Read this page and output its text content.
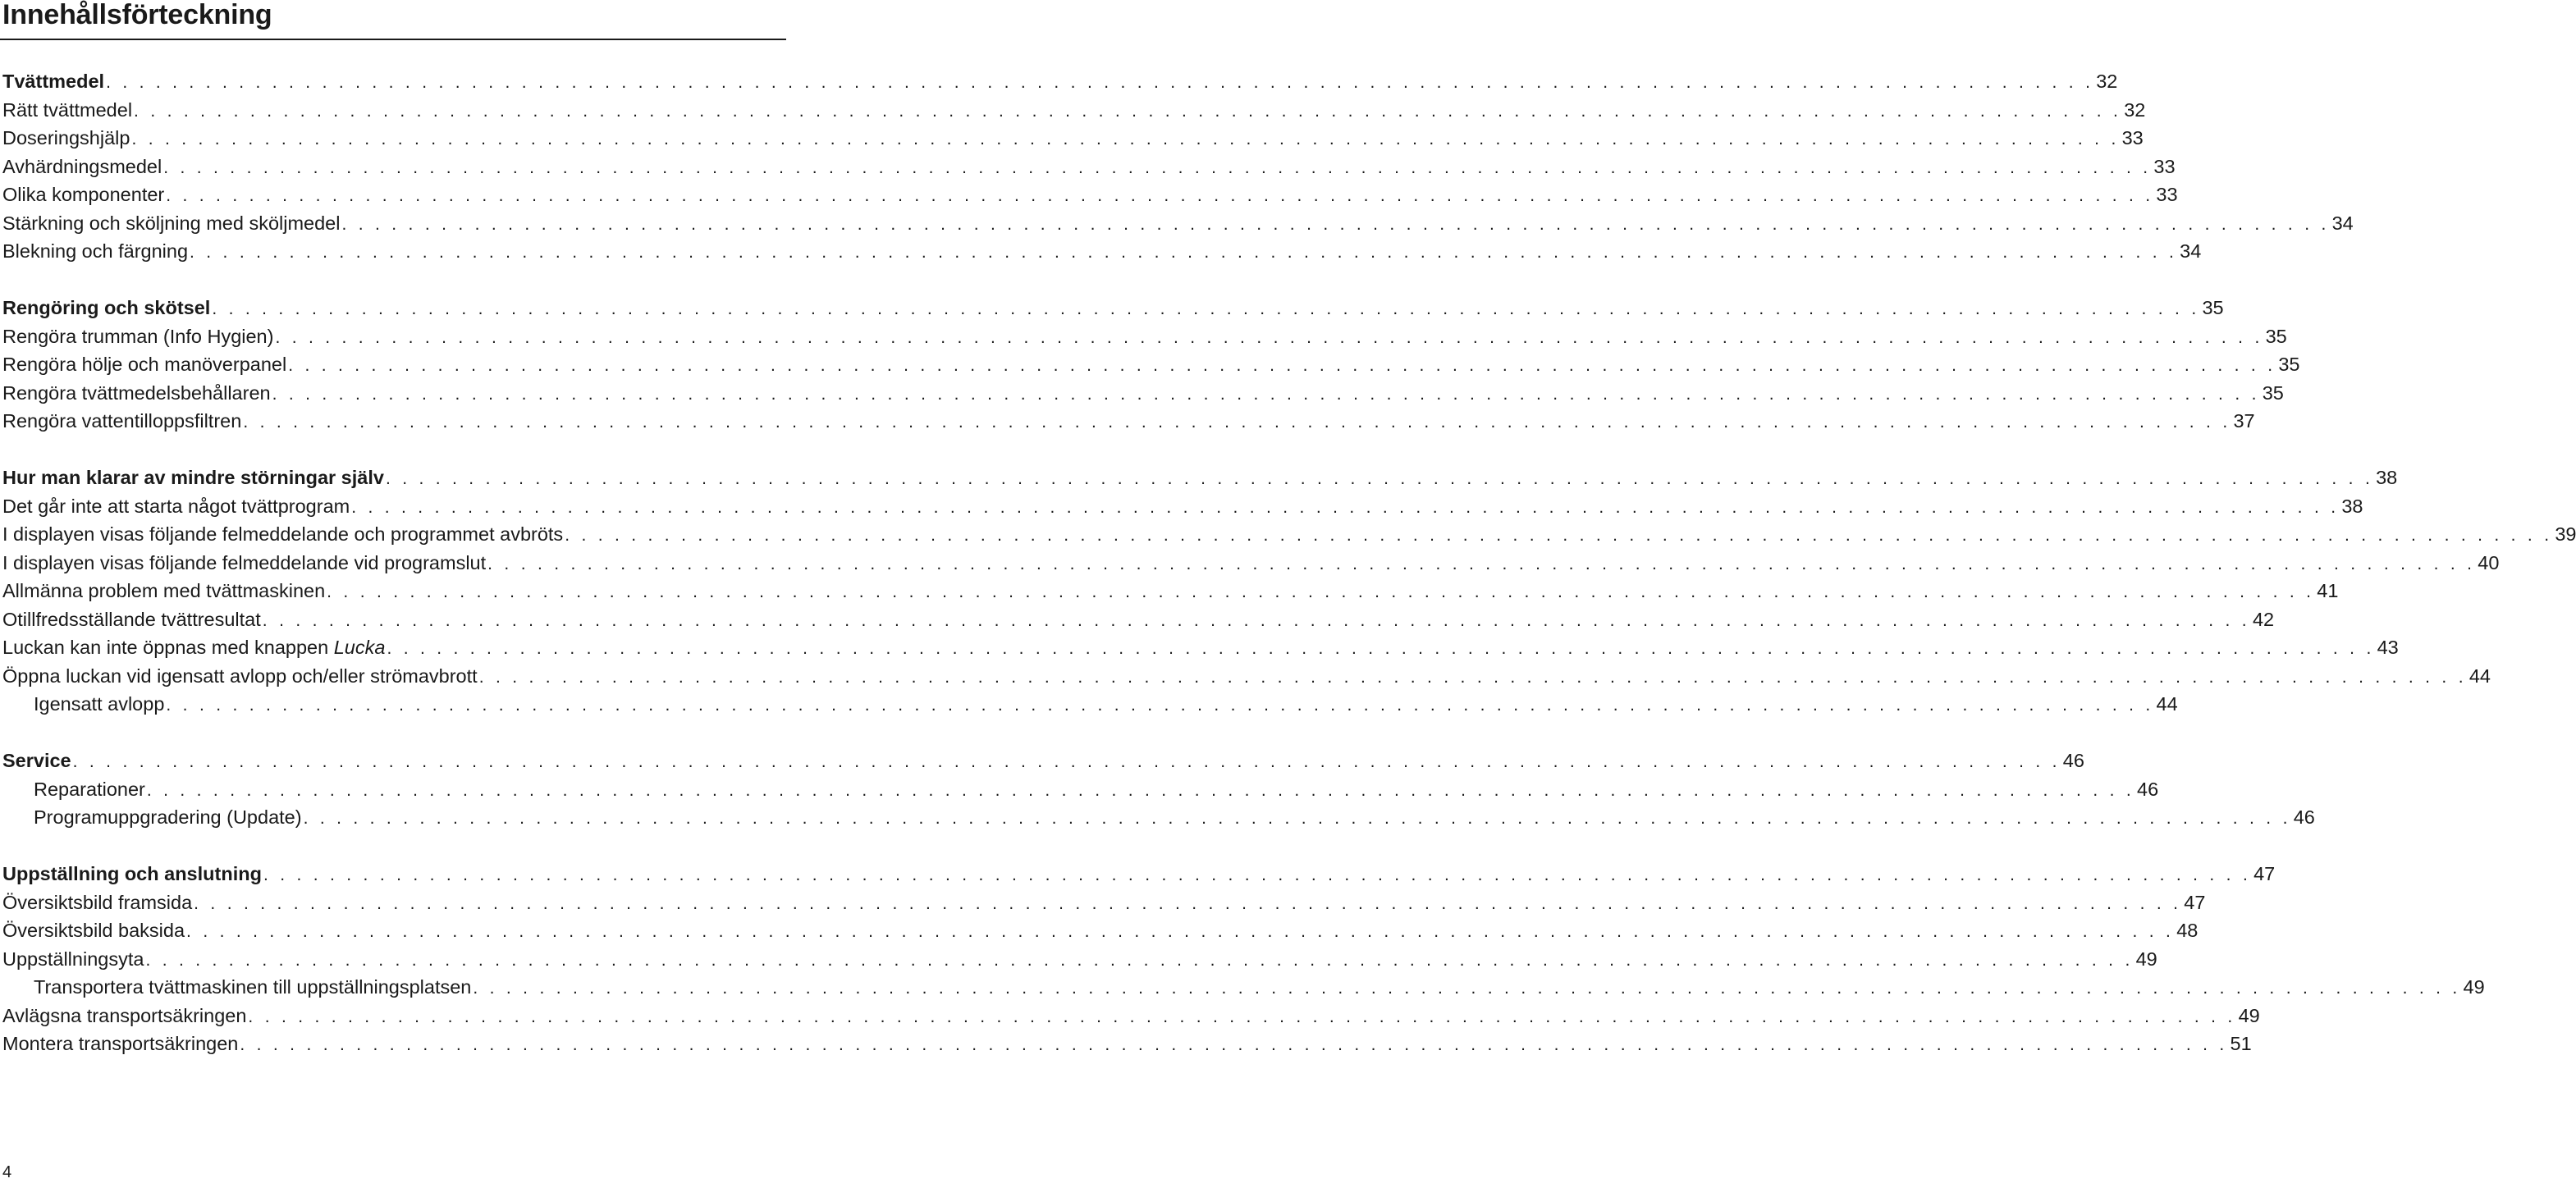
Innehållsförteckning
Tvättmedel . . . . . . . . . . . . . . . . . . . . . . . . . . . . . . . . . . . . . . . . . . . . . . . . . . . . . . . . . . . . . . . . . . . . . . . . . . . . . . . . . . . . . . . . . . . . . . . . . . . . . . . . . . . . . . . . . . . . . . . . 32
Rätt tvättmedel . . . . . . . . . . . . . . . . . . . . . . . . . . . . . . . . . . . . . . . . . . . . . . . . . . . . . . . . . . . . . . . . . . . . . . . . . . . . . . . . . . . . . . . . . . . . . . . . . . . . . . . . . . . . . . . . . . . . . . . . 32
Doseringshjälp . . . . . . . . . . . . . . . . . . . . . . . . . . . . . . . . . . . . . . . . . . . . . . . . . . . . . . . . . . . . . . . . . . . . . . . . . . . . . . . . . . . . . . . . . . . . . . . . . . . . . . . . . . . . . . . . . . . . . . . . 33
Avhärdningsmedel . . . . . . . . . . . . . . . . . . . . . . . . . . . . . . . . . . . . . . . . . . . . . . . . . . . . . . . . . . . . . . . . . . . . . . . . . . . . . . . . . . . . . . . . . . . . . . . . . . . . . . . . . . . . . . . . . . . . . . . . 33
Olika komponenter . . . . . . . . . . . . . . . . . . . . . . . . . . . . . . . . . . . . . . . . . . . . . . . . . . . . . . . . . . . . . . . . . . . . . . . . . . . . . . . . . . . . . . . . . . . . . . . . . . . . . . . . . . . . . . . . . . . . . . . . 33
Stärkning och sköljning med sköljmedel . . . . . . . . . . . . . . . . . . . . . . . . . . . . . . . . . . . . . . . . . . . . . . . . . . . . . . . . . . . . . . . . . . . . . . . . . . . . . . . . . . . . . . . . . . . . . . . . . . . . . . . . . . . . . . . . . . . . . . . . 34
Blekning och färgning . . . . . . . . . . . . . . . . . . . . . . . . . . . . . . . . . . . . . . . . . . . . . . . . . . . . . . . . . . . . . . . . . . . . . . . . . . . . . . . . . . . . . . . . . . . . . . . . . . . . . . . . . . . . . . . . . . . . . . . . 34
Rengöring och skötsel . . . . . . . . . . . . . . . . . . . . . . . . . . . . . . . . . . . . . . . . . . . . . . . . . . . . . . . . . . . . . . . . . . . . . . . . . . . . . . . . . . . . . . . . . . . . . . . . . . . . . . . . . . . . . . . . . . . . . . . . 35
Rengöra trumman (Info Hygien) . . . . . . . . . . . . . . . . . . . . . . . . . . . . . . . . . . . . . . . . . . . . . . . . . . . . . . . . . . . . . . . . . . . . . . . . . . . . . . . . . . . . . . . . . . . . . . . . . . . . . . . . . . . . . . . . . . . . . . . . 35
Rengöra hölje och manöverpanel . . . . . . . . . . . . . . . . . . . . . . . . . . . . . . . . . . . . . . . . . . . . . . . . . . . . . . . . . . . . . . . . . . . . . . . . . . . . . . . . . . . . . . . . . . . . . . . . . . . . . . . . . . . . . . . . . . . . . . . . 35
Rengöra tvättmedelsbehållaren . . . . . . . . . . . . . . . . . . . . . . . . . . . . . . . . . . . . . . . . . . . . . . . . . . . . . . . . . . . . . . . . . . . . . . . . . . . . . . . . . . . . . . . . . . . . . . . . . . . . . . . . . . . . . . . . . . . . . . . . 35
Rengöra vattentilloppsfiltren . . . . . . . . . . . . . . . . . . . . . . . . . . . . . . . . . . . . . . . . . . . . . . . . . . . . . . . . . . . . . . . . . . . . . . . . . . . . . . . . . . . . . . . . . . . . . . . . . . . . . . . . . . . . . . . . . . . . . . . . 37
Hur man klarar av mindre störningar själv . . . . . . . . . . . . . . . . . . . . . . . . . . . . . . . . . . . . . . . . . . . . . . . . . . . . . . . . . . . . . . . . . . . . . . . . . . . . . . . . . . . . . . . . . . . . . . . . . . . . . . . . . . . . . . . . . . . . . . . . 38
Det går inte att starta något tvättprogram . . . . . . . . . . . . . . . . . . . . . . . . . . . . . . . . . . . . . . . . . . . . . . . . . . . . . . . . . . . . . . . . . . . . . . . . . . . . . . . . . . . . . . . . . . . . . . . . . . . . . . . . . . . . . . . . . . . . . . . . 38
I displayen visas följande felmeddelande och programmet avbröts . . . . . . . . . . . . . . . . . . . . . . . . . . . . . . . . . . . . . . . . . . . . . . . . . . . . . . . . . . . . . . . . . . . . . . . . . . . . . . . . . . . . . . . . . . . . . . . . . . . . . . . . . . . . . . . . . . . . . . . . 39
I displayen visas följande felmeddelande vid programslut . . . . . . . . . . . . . . . . . . . . . . . . . . . . . . . . . . . . . . . . . . . . . . . . . . . . . . . . . . . . . . . . . . . . . . . . . . . . . . . . . . . . . . . . . . . . . . . . . . . . . . . . . . . . . . . . . . . . . . . . 40
Allmänna problem med tvättmaskinen . . . . . . . . . . . . . . . . . . . . . . . . . . . . . . . . . . . . . . . . . . . . . . . . . . . . . . . . . . . . . . . . . . . . . . . . . . . . . . . . . . . . . . . . . . . . . . . . . . . . . . . . . . . . . . . . . . . . . . . . 41
Otillfredsställande tvättresultat . . . . . . . . . . . . . . . . . . . . . . . . . . . . . . . . . . . . . . . . . . . . . . . . . . . . . . . . . . . . . . . . . . . . . . . . . . . . . . . . . . . . . . . . . . . . . . . . . . . . . . . . . . . . . . . . . . . . . . . . 42
Luckan kan inte öppnas med knappen Lucka . . . . . . . . . . . . . . . . . . . . . . . . . . . . . . . . . . . . . . . . . . . . . . . . . . . . . . . . . . . . . . . . . . . . . . . . . . . . . . . . . . . . . . . . . . . . . . . . . . . . . . . . . . . . . . . . . . . . . . . . 43
Öppna luckan vid igensatt avlopp och/eller strömavbrott . . . . . . . . . . . . . . . . . . . . . . . . . . . . . . . . . . . . . . . . . . . . . . . . . . . . . . . . . . . . . . . . . . . . . . . . . . . . . . . . . . . . . . . . . . . . . . . . . . . . . . . . . . . . . . . . . . . . . . . . 44
Igensatt avlopp . . . . . . . . . . . . . . . . . . . . . . . . . . . . . . . . . . . . . . . . . . . . . . . . . . . . . . . . . . . . . . . . . . . . . . . . . . . . . . . . . . . . . . . . . . . . . . . . . . . . . . . . . . . . . . . . . . . . . . . . 44
Service . . . . . . . . . . . . . . . . . . . . . . . . . . . . . . . . . . . . . . . . . . . . . . . . . . . . . . . . . . . . . . . . . . . . . . . . . . . . . . . . . . . . . . . . . . . . . . . . . . . . . . . . . . . . . . . . . . . . . . . . 46
Reparationer . . . . . . . . . . . . . . . . . . . . . . . . . . . . . . . . . . . . . . . . . . . . . . . . . . . . . . . . . . . . . . . . . . . . . . . . . . . . . . . . . . . . . . . . . . . . . . . . . . . . . . . . . . . . . . . . . . . . . . . . 46
Programuppgradering (Update) . . . . . . . . . . . . . . . . . . . . . . . . . . . . . . . . . . . . . . . . . . . . . . . . . . . . . . . . . . . . . . . . . . . . . . . . . . . . . . . . . . . . . . . . . . . . . . . . . . . . . . . . . . . . . . . . . . . . . . . . 46
Uppställning och anslutning . . . . . . . . . . . . . . . . . . . . . . . . . . . . . . . . . . . . . . . . . . . . . . . . . . . . . . . . . . . . . . . . . . . . . . . . . . . . . . . . . . . . . . . . . . . . . . . . . . . . . . . . . . . . . . . . . . . . . . . . 47
Översiktsbild framsida . . . . . . . . . . . . . . . . . . . . . . . . . . . . . . . . . . . . . . . . . . . . . . . . . . . . . . . . . . . . . . . . . . . . . . . . . . . . . . . . . . . . . . . . . . . . . . . . . . . . . . . . . . . . . . . . . . . . . . . . 47
Översiktsbild baksida . . . . . . . . . . . . . . . . . . . . . . . . . . . . . . . . . . . . . . . . . . . . . . . . . . . . . . . . . . . . . . . . . . . . . . . . . . . . . . . . . . . . . . . . . . . . . . . . . . . . . . . . . . . . . . . . . . . . . . . . 48
Uppställningsyta . . . . . . . . . . . . . . . . . . . . . . . . . . . . . . . . . . . . . . . . . . . . . . . . . . . . . . . . . . . . . . . . . . . . . . . . . . . . . . . . . . . . . . . . . . . . . . . . . . . . . . . . . . . . . . . . . . . . . . . . 49
Transportera tvättmaskinen till uppställningsplatsen . . . . . . . . . . . . . . . . . . . . . . . . . . . . . . . . . . . . . . . . . . . . . . . . . . . . . . . . . . . . . . . . . . . . . . . . . . . . . . . . . . . . . . . . . . . . . . . . . . . . . . . . . . . . . . . . . . . . . . . . 49
Avlägsna transportsäkringen . . . . . . . . . . . . . . . . . . . . . . . . . . . . . . . . . . . . . . . . . . . . . . . . . . . . . . . . . . . . . . . . . . . . . . . . . . . . . . . . . . . . . . . . . . . . . . . . . . . . . . . . . . . . . . . . . . . . . . . . 49
Montera transportsäkringen . . . . . . . . . . . . . . . . . . . . . . . . . . . . . . . . . . . . . . . . . . . . . . . . . . . . . . . . . . . . . . . . . . . . . . . . . . . . . . . . . . . . . . . . . . . . . . . . . . . . . . . . . . . . . . . . . . . . . . . . 51
4
